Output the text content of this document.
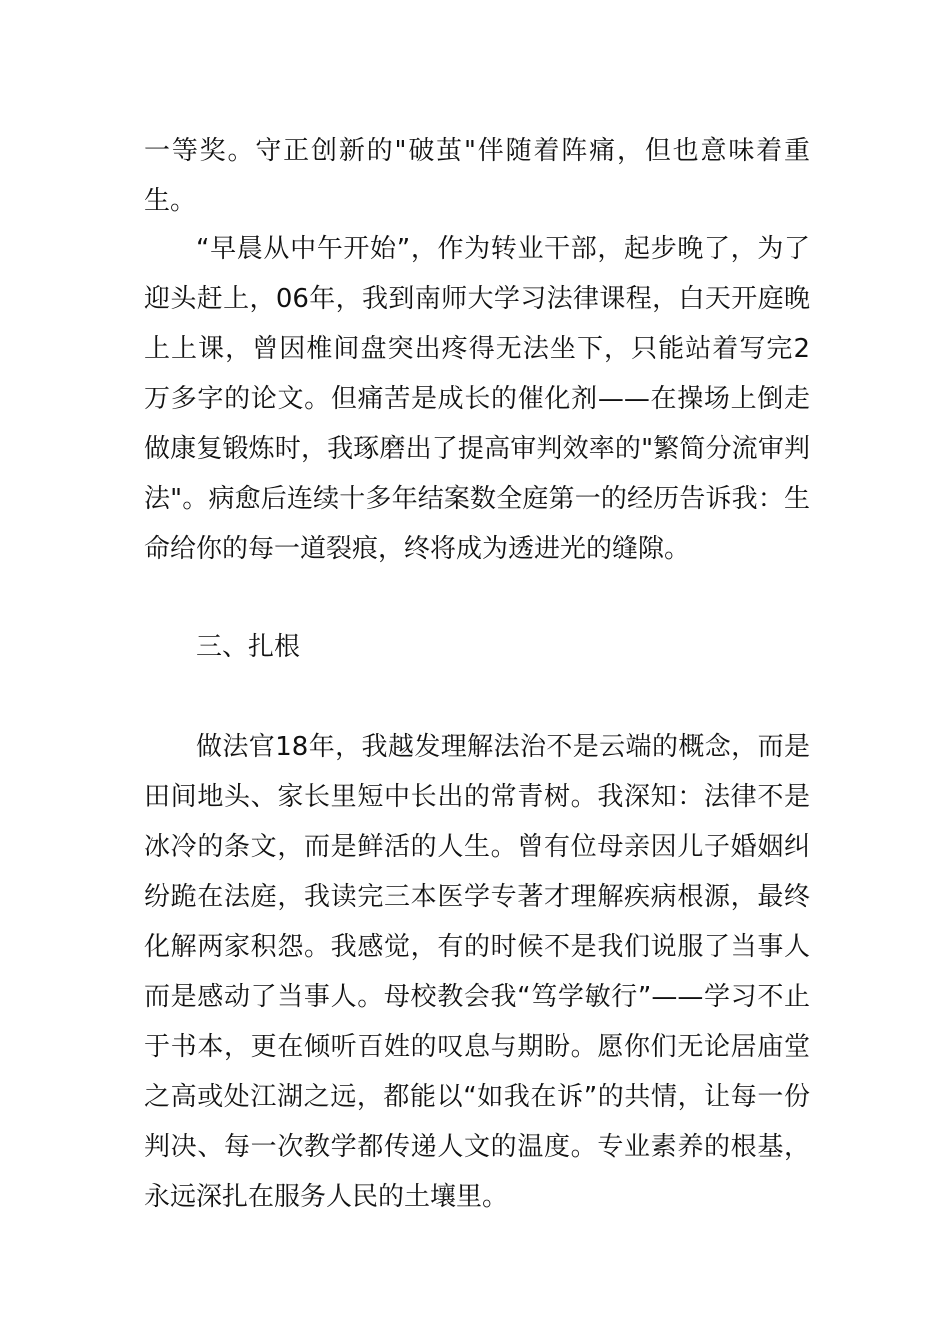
一等奖。守正创新的"破茧"伴随着阵痛，但也意味着重生。

“早晨从中午开始”，作为转业干部，起步晚了，为了迎头赶上，06年，我到南师大学习法律课程，白天开庭晚上上课，曾因椎间盘突出疼得无法坐下，只能站着写完2万多字的论文。但痛苦是成长的催化剂——在操场上倒走做康复锻炼时，我琢磨出了提高审判效率的"繁简分流审判法"。病愈后连续十多年结案数全庭第一的经历告诉我：生命给你的每一道裂痕，终将成为透进光的缝隙。

三、扎根

做法官18年，我越发理解法治不是云端的概念，而是田间地头、家长里短中长出的常青树。我深知：法律不是冰冷的条文，而是鲜活的人生。曾有位母亲因儿子婚姻纠纷跪在法庭，我读完三本医学专著才理解疾病根源，最终化解两家积怨。我感觉，有的时候不是我们说服了当事人而是感动了当事人。母校教会我“笃学敏行”——学习不止于书本，更在倾听百姓的叹息与期盼。愿你们无论居庙堂之高或处江湖之远，都能以“如我在诉”的共情，让每一份判决、每一次教学都传递人文的温度。专业素养的根基，永远深扎在服务人民的土壤里。
